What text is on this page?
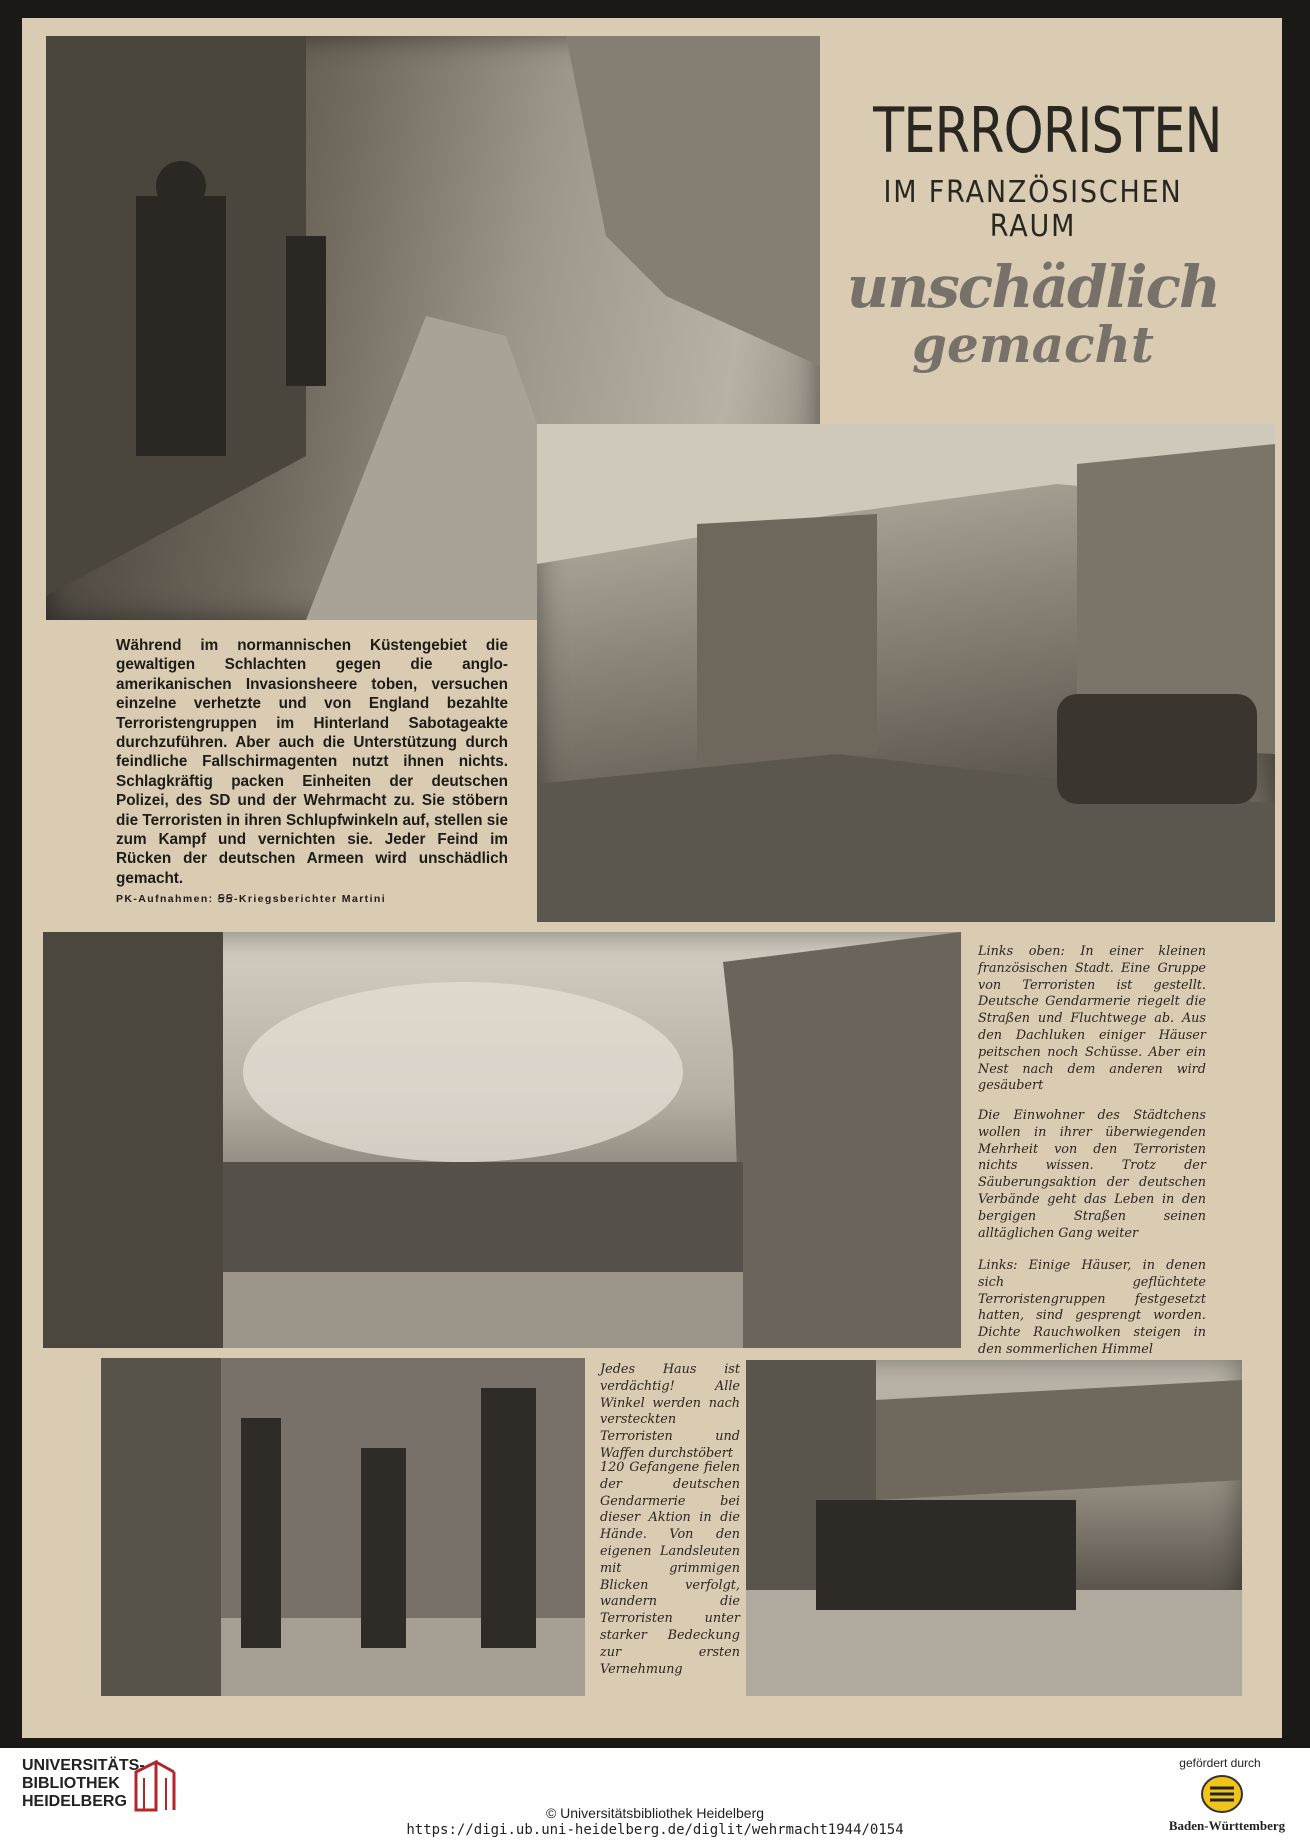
TERRORISTEN
IM FRANZÖSISCHEN
RAUM
unschädlich
gemacht
Während im normannischen Küstengebiet die gewaltigen Schlachten gegen die anglo-amerikanischen Invasionsheere toben, versuchen einzelne verhetzte und von England bezahlte Terroristengruppen im Hinterland Sabotageakte durchzuführen. Aber auch die Unterstützung durch feindliche Fallschirmagenten nutzt ihnen nichts. Schlagkräftig packen Einheiten der deutschen Polizei, des SD und der Wehrmacht zu. Sie stöbern die Terroristen in ihren Schlupfwinkeln auf, stellen sie zum Kampf und vernichten sie. Jeder Feind im Rücken der deutschen Armeen wird unschädlich gemacht.
PK-Aufnahmen: ꞨꞨ-Kriegsberichter Martini
Links oben: In einer kleinen französischen Stadt. Eine Gruppe von Terroristen ist gestellt. Deutsche Gendarmerie riegelt die Straßen und Fluchtwege ab. Aus den Dachluken einiger Häuser peitschen noch Schüsse. Aber ein Nest nach dem anderen wird gesäubert
Die Einwohner des Städtchens wollen in ihrer überwiegenden Mehrheit von den Terroristen nichts wissen. Trotz der Säuberungsaktion der deutschen Verbände geht das Leben in den bergigen Straßen seinen alltäglichen Gang weiter
Links: Einige Häuser, in denen sich geflüchtete Terroristengruppen festgesetzt hatten, sind gesprengt worden. Dichte Rauchwolken steigen in den sommerlichen Himmel
Jedes Haus ist verdächtig! Alle Winkel werden nach versteckten Terroristen und Waffen durchstöbert
120 Gefangene fielen der deutschen Gendarmerie bei dieser Aktion in die Hände. Von den eigenen Landsleuten mit grimmigen Blicken verfolgt, wandern die Terroristen unter starker Bedeckung zur ersten Vernehmung
UNIVERSITÄTS-
BIBLIOTHEK
HEIDELBERG
© Universitätsbibliothek Heidelberg
https://digi.ub.uni-heidelberg.de/diglit/wehrmacht1944/0154
gefördert durch
Baden-Württemberg
